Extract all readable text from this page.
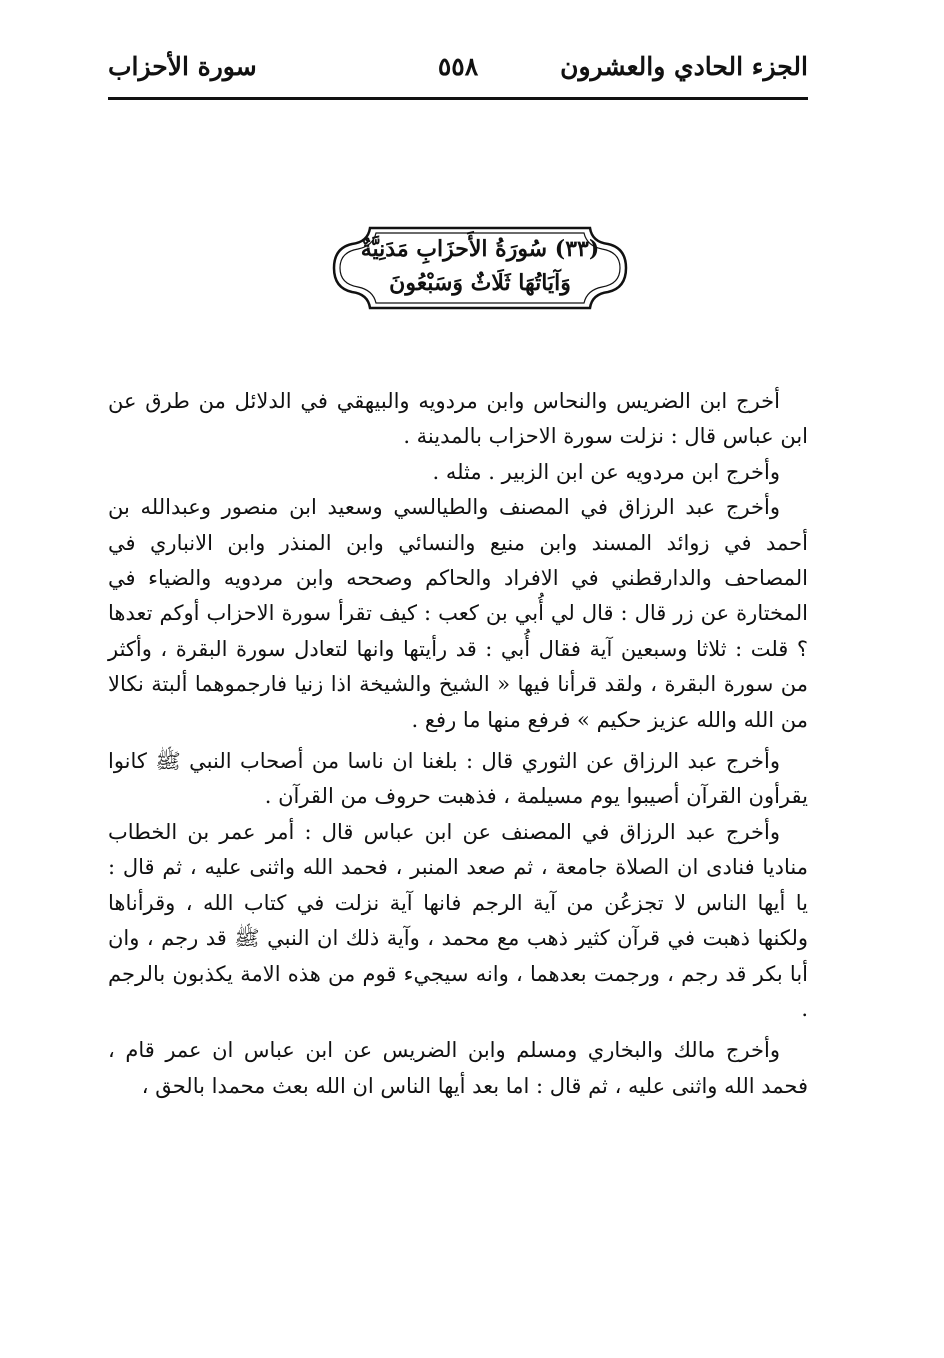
الجزء الحادي والعشرون
٥٥٨
سورة الأحزاب
(٣٣) سُورَةُ الأَحزَابِ مَدَنِيَّةٌ
وَآيَاتُهَا ثَلَاثٌ وَسَبْعُونَ

أخرج ابن الضريس والنحاس وابن مردويه والبيهقي في الدلائل من طرق عن ابن عباس قال : نزلت سورة الاحزاب بالمدينة .

وأخرج ابن مردويه عن ابن الزبير . مثله .

وأخرج عبد الرزاق في المصنف والطيالسي وسعيد ابن منصور وعبدالله بن أحمد في زوائد المسند وابن منيع والنسائي وابن المنذر وابن الانباري في المصاحف والدارقطني في الافراد والحاكم وصححه وابن مردويه والضياء في المختارة عن زر قال : قال لي أُبي بن كعب : كيف تقرأ سورة الاحزاب أوكم تعدها ؟ قلت : ثلاثا وسبعين آية فقال أُبي : قد رأيتها وانها لتعادل سورة البقرة ، وأكثر من سورة البقرة ، ولقد قرأنا فيها « الشيخ والشيخة اذا زنيا فارجموهما ألبتة نكالا من الله والله عزيز حكيم » فرفع منها ما رفع .

وأخرج عبد الرزاق عن الثوري قال : بلغنا ان ناسا من أصحاب النبي ﷺ كانوا يقرأون القرآن أصيبوا يوم مسيلمة ، فذهبت حروف من القرآن .

وأخرج عبد الرزاق في المصنف عن ابن عباس قال : أمر عمر بن الخطاب مناديا فنادى ان الصلاة جامعة ، ثم صعد المنبر ، فحمد الله واثنى عليه ، ثم قال : يا أيها الناس لا تجزعُن من آية الرجم فانها آية نزلت في كتاب الله ، وقرأناها ولكنها ذهبت في قرآن كثير ذهب مع محمد ، وآية ذلك ان النبي ﷺ قد رجم ، وان أبا بكر قد رجم ، ورجمت بعدهما ، وانه سيجيء قوم من هذه الامة يكذبون بالرجم .

وأخرج مالك والبخاري ومسلم وابن الضريس عن ابن عباس ان عمر قام ، فحمد الله واثنى عليه ، ثم قال : اما بعد أيها الناس ان الله بعث محمدا بالحق ،
